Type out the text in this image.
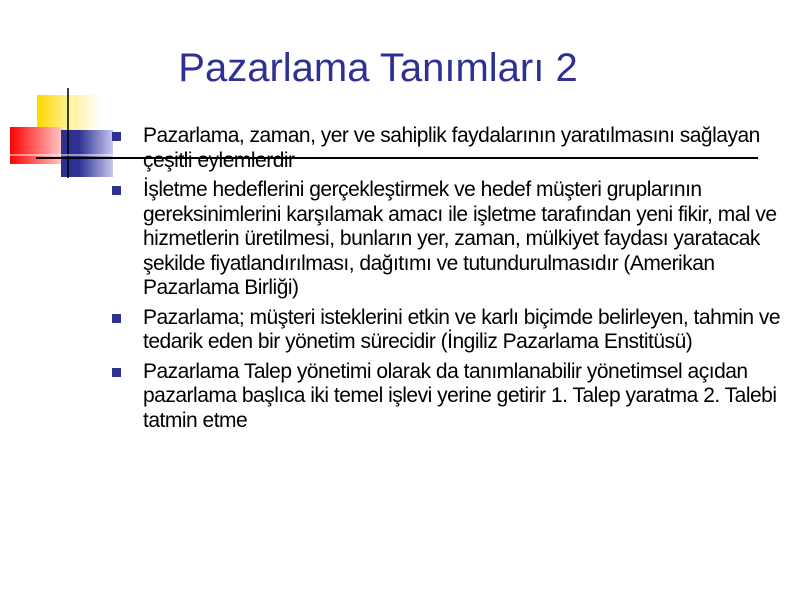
Pazarlama Tanımları 2
Pazarlama, zaman, yer ve sahiplik faydalarının yaratılmasını sağlayan çeşitli eylemlerdir
İşletme hedeflerini gerçekleştirmek ve hedef müşteri gruplarının gereksinimlerini karşılamak amacı ile işletme tarafından yeni fikir, mal ve hizmetlerin üretilmesi, bunların yer, zaman, mülkiyet faydası yaratacak şekilde fiyatlandırılması, dağıtımı ve tutundurulmasıdır (Amerikan Pazarlama Birliği)
Pazarlama; müşteri isteklerini etkin ve karlı biçimde belirleyen, tahmin ve tedarik eden bir yönetim sürecidir (İngiliz Pazarlama Enstitüsü)
Pazarlama Talep yönetimi olarak da tanımlanabilir yönetimsel açıdan pazarlama başlıca iki temel işlevi yerine getirir 1. Talep yaratma 2. Talebi tatmin etme
